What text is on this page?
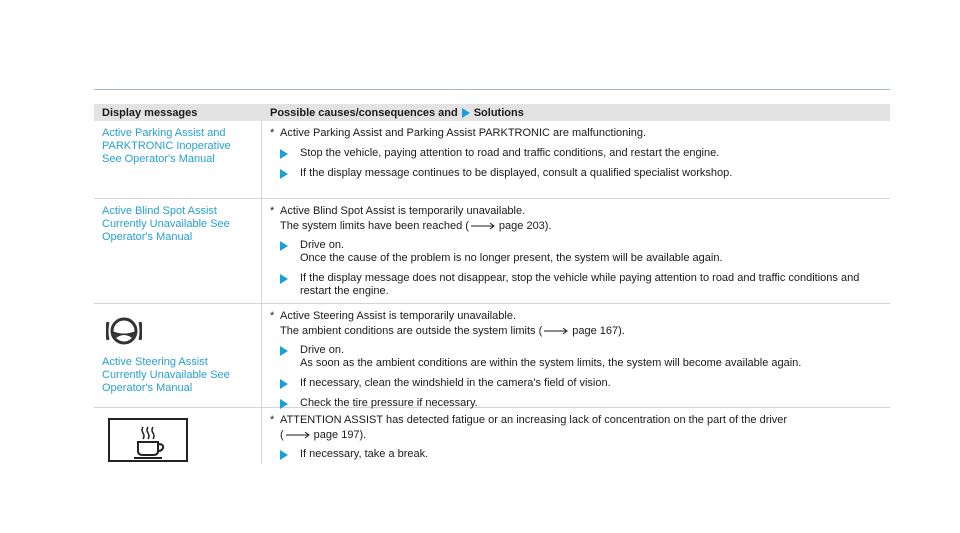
Display messages	Possible causes/consequences and Solutions
Active Parking Assist and PARKTRONIC Inoperative See Operator's Manual
* Active Parking Assist and Parking Assist PARKTRONIC are malfunctioning.
Stop the vehicle, paying attention to road and traffic conditions, and restart the engine.
If the display message continues to be displayed, consult a qualified specialist workshop.
Active Blind Spot Assist Currently Unavailable See Operator's Manual
* Active Blind Spot Assist is temporarily unavailable.
The system limits have been reached (	page 203).
Drive on.
Once the cause of the problem is no longer present, the system will be available again.
If the display message does not disappear, stop the vehicle while paying attention to road and traffic conditions and restart the engine.
Active Steering Assist Currently Unavailable See Operator's Manual
* Active Steering Assist is temporarily unavailable.
The ambient conditions are outside the system limits (	page 167).
Drive on.
As soon as the ambient conditions are within the system limits, the system will become available again.
If necessary, clean the windshield in the camera's field of vision.
Check the tire pressure if necessary.
* ATTENTION ASSIST has detected fatigue or an increasing lack of concentration on the part of the driver
(	page 197).
If necessary, take a break.
